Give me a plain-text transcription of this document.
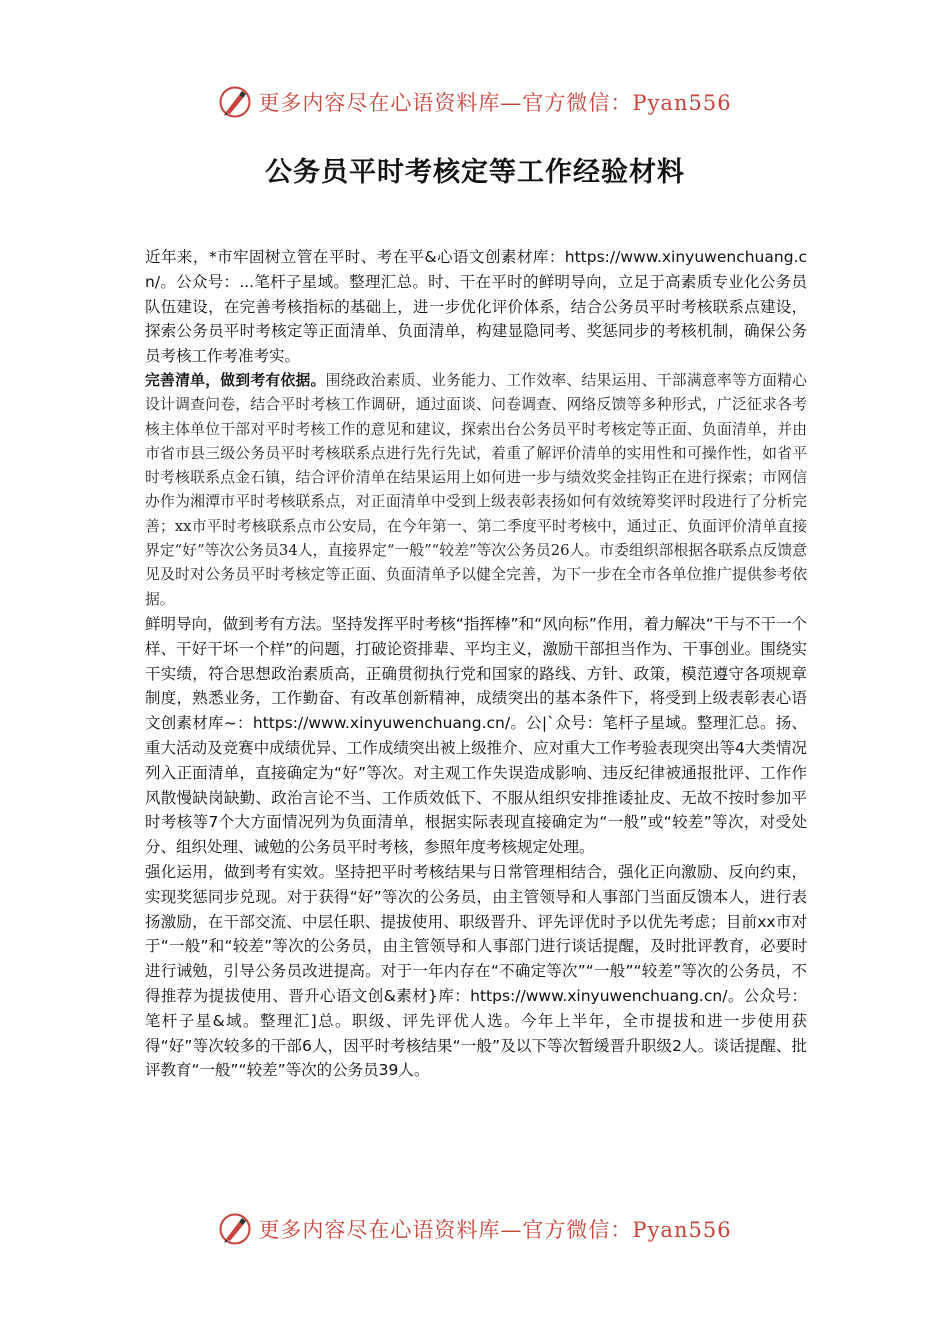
更多内容尽在心语资料库—官方微信：Pyan556
公务员平时考核定等工作经验材料

近年来，*市牢固树立管在平时、考在平&心语文创素材库：https://www.xinyuwenchuang.cn/。公众号：...笔杆子星域。整理汇总。时、干在平时的鲜明导向，立足于高素质专业化公务员队伍建设，在完善考核指标的基础上，进一步优化评价体系，结合公务员平时考核联系点建设，探索公务员平时考核定等正面清单、负面清单，构建显隐同考、奖惩同步的考核机制，确保公务员考核工作考准考实。

完善清单，做到考有依据。围绕政治素质、业务能力、工作效率、结果运用、干部满意率等方面精心设计调查问卷，结合平时考核工作调研，通过面谈、问卷调查、网络反馈等多种形式，广泛征求各考核主体单位干部对平时考核工作的意见和建议，探索出台公务员平时考核定等正面、负面清单，并由市省市县三级公务员平时考核联系点进行先行先试，着重了解评价清单的实用性和可操作性，如省平时考核联系点金石镇，结合评价清单在结果运用上如何进一步与绩效奖金挂钩正在进行探索；市网信办作为湘潭市平时考核联系点，对正面清单中受到上级表彰表扬如何有效统筹奖评时段进行了分析完善；xx市平时考核联系点市公安局，在今年第一、第二季度平时考核中，通过正、负面评价清单直接界定“好”等次公务员34人，直接界定“一般”“较差”等次公务员26人。市委组织部根据各联系点反馈意见及时对公务员平时考核定等正面、负面清单予以健全完善，为下一步在全市各单位推广提供参考依据。

鲜明导向，做到考有方法。坚持发挥平时考核“指挥棒”和“风向标”作用，着力解决“干与不干一个样、干好干坏一个样”的问题，打破论资排辈、平均主义，激励干部担当作为、干事创业。围绕实干实绩，符合思想政治素质高，正确贯彻执行党和国家的路线、方针、政策，模范遵守各项规章制度，熟悉业务，工作勤奋、有改革创新精神，成绩突出的基本条件下，将受到上级表彰表心语文创素材库~：https://www.xinyuwenchuang.cn/。公|`众号：笔杆子星域。整理汇总。扬、重大活动及竞赛中成绩优异、工作成绩突出被上级推介、应对重大工作考验表现突出等4大类情况列入正面清单，直接确定为“好”等次。对主观工作失误造成影响、违反纪律被通报批评、工作作风散慢缺岗缺勤、政治言论不当、工作质效低下、不服从组织安排推诿扯皮、无故不按时参加平时考核等7个大方面情况列为负面清单，根据实际表现直接确定为“一般”或“较差”等次，对受处分、组织处理、诫勉的公务员平时考核，参照年度考核规定处理。

强化运用，做到考有实效。坚持把平时考核结果与日常管理相结合，强化正向激励、反向约束，实现奖惩同步兑现。对于获得“好”等次的公务员，由主管领导和人事部门当面反馈本人，进行表扬激励，在干部交流、中层任职、提拔使用、职级晋升、评先评优时予以优先考虑；目前xx市对于“一般”和“较差”等次的公务员，由主管领导和人事部门进行谈话提醒，及时批评教育，必要时进行诫勉，引导公务员改进提高。对于一年内存在“不确定等次”“一般”“较差”等次的公务员，不得推荐为提拔使用、晋升心语文创&素材}库：https://www.xinyuwenchuang.cn/。公众号：笔杆子星&域。整理汇]总。职级、评先评优人选。今年上半年，全市提拔和进一步使用获得“好”等次较多的干部6人，因平时考核结果“一般”及以下等次暂缓晋升职级2人。谈话提醒、批评教育“一般”“较差”等次的公务员39人。

更多内容尽在心语资料库—官方微信：Pyan556
